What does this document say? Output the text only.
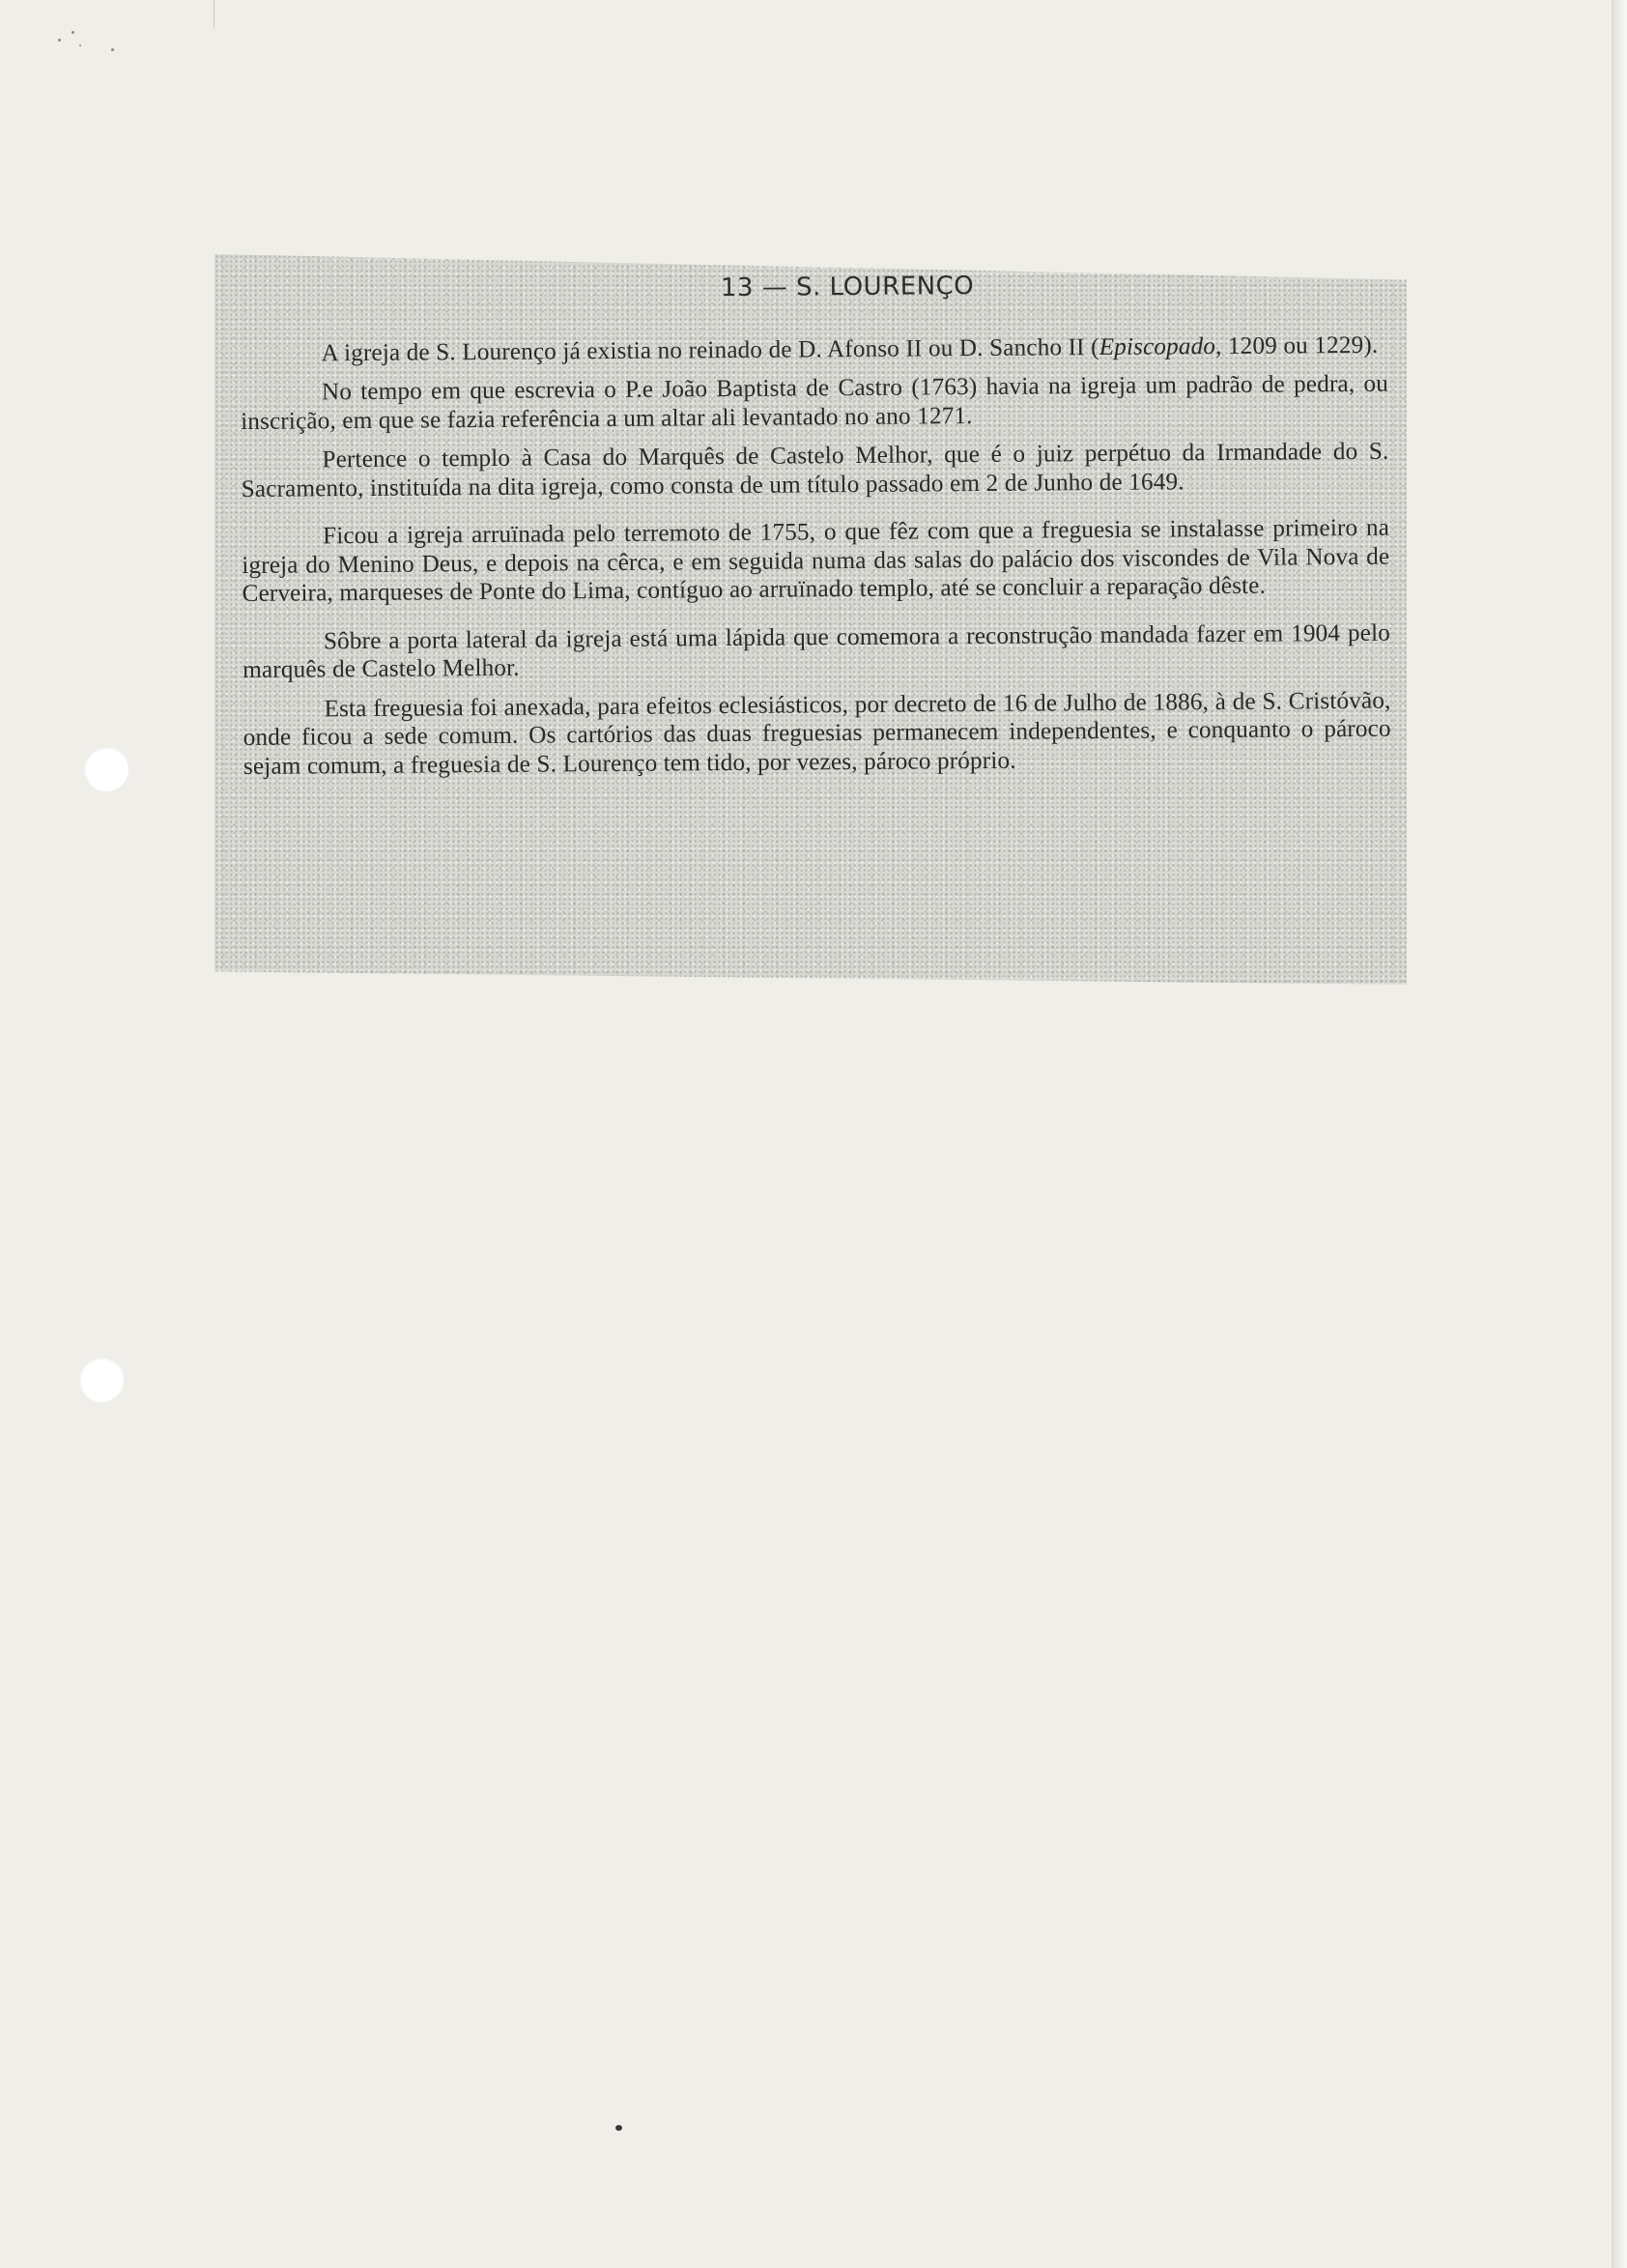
13 — S. LOURENÇO

A igreja de S. Lourenço já existia no reinado de D. Afonso II ou D. Sancho II (Episcopado, 1209 ou 1229).

No tempo em que escrevia o P.e João Baptista de Castro (1763) havia na igreja um padrão de pedra, ou inscrição, em que se fazia referência a um altar ali levantado no ano 1271.

Pertence o templo à Casa do Marquês de Castelo Melhor, que é o juiz perpétuo da Irmandade do S. Sacramento, instituída na dita igreja, como consta de um título passado em 2 de Junho de 1649.

Ficou a igreja arruïnada pelo terremoto de 1755, o que fêz com que a freguesia se instalasse primeiro na igreja do Menino Deus, e depois na cêrca, e em seguida numa das salas do palácio dos viscondes de Vila Nova de Cerveira, marqueses de Ponte do Lima, contíguo ao arruïnado templo, até se concluir a reparação dêste.

Sôbre a porta lateral da igreja está uma lápida que comemora a reconstrução mandada fazer em 1904 pelo marquês de Castelo Melhor.

Esta freguesia foi anexada, para efeitos eclesiásticos, por decreto de 16 de Julho de 1886, à de S. Cristóvão, onde ficou a sede comum. Os cartórios das duas freguesias permanecem independentes, e conquanto o pároco sejam comum, a freguesia de S. Lourenço tem tido, por vezes, pároco próprio.
